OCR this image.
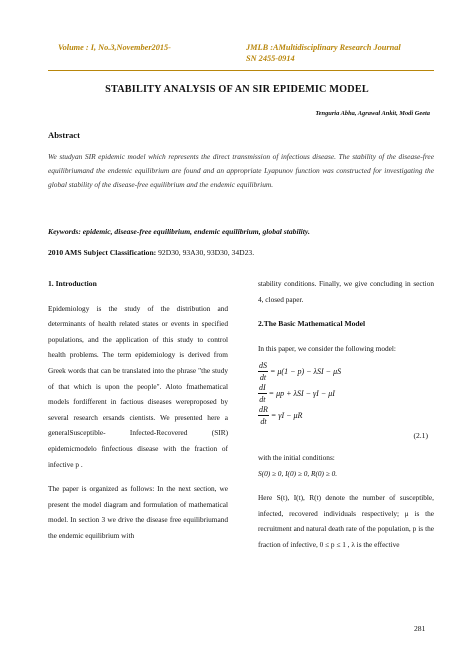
Volume : I, No.3,November2015-	JMLB :AMultidisciplinary Research Journal
SN 2455-0914
STABILITY ANALYSIS OF AN SIR EPIDEMIC MODEL
Tenguria Abha, Agrawal Ankit, Modi Geeta
Abstract
We studyan SIR epidemic model which represents the direct transmission of infectious disease. The stability of the disease-free equilibriumand the endemic equilibrium are found and an appropriate Lyapunov function was constructed for investigating the global stability of the disease-free equilibrium and the endemic equilibrium.
Keywords: epidemic, disease-free equilibrium, endemic equilibrium, global stability.
2010 AMS Subject Classification: 92D30, 93A30, 93D30, 34D23.
1. Introduction

Epidemiology is the study of the distribution and determinants of health related states or events in specified populations, and the application of this study to control health problems. The term epidemiology is derived from Greek words that can be translated into the phrase "the study of that which is upon the people". Aloto fmathematical models fordifferent in factious diseases wereproposed by several research ersands cientists. We presented here a generalSusceptible- Infected-Recovered (SIR) epidemicmodelo finfectious disease with the fraction of infective p .

The paper is organized as follows: In the next section, we present the model diagram and formulation of mathematical model. In section 3 we drive the disease free equilibriumand the endemic equilibrium with

stability conditions. Finally, we give concluding in section 4, closed paper.

2.The Basic Mathematical Model

In this paper, we consider the following model:

$\frac{dS}{dt} = \mu(1 - p) - \lambda SI - \mu S$
$\frac{dI}{dt} = \mu p + \lambda SI - \gamma I - \mu I$
$\frac{dR}{dt} = \gamma I - \mu R$
(2.1)

with the initial conditions:

S(0) ≥ 0, I(0) ≥ 0, R(0) ≥ 0.

Here S(t), I(t), R(t) denote the number of susceptible, infected, recovered individuals respectively; μ is the recruitment and natural death rate of the population, p is the fraction of infective, 0 ≤ p ≤ 1 , λ is the effective

281
